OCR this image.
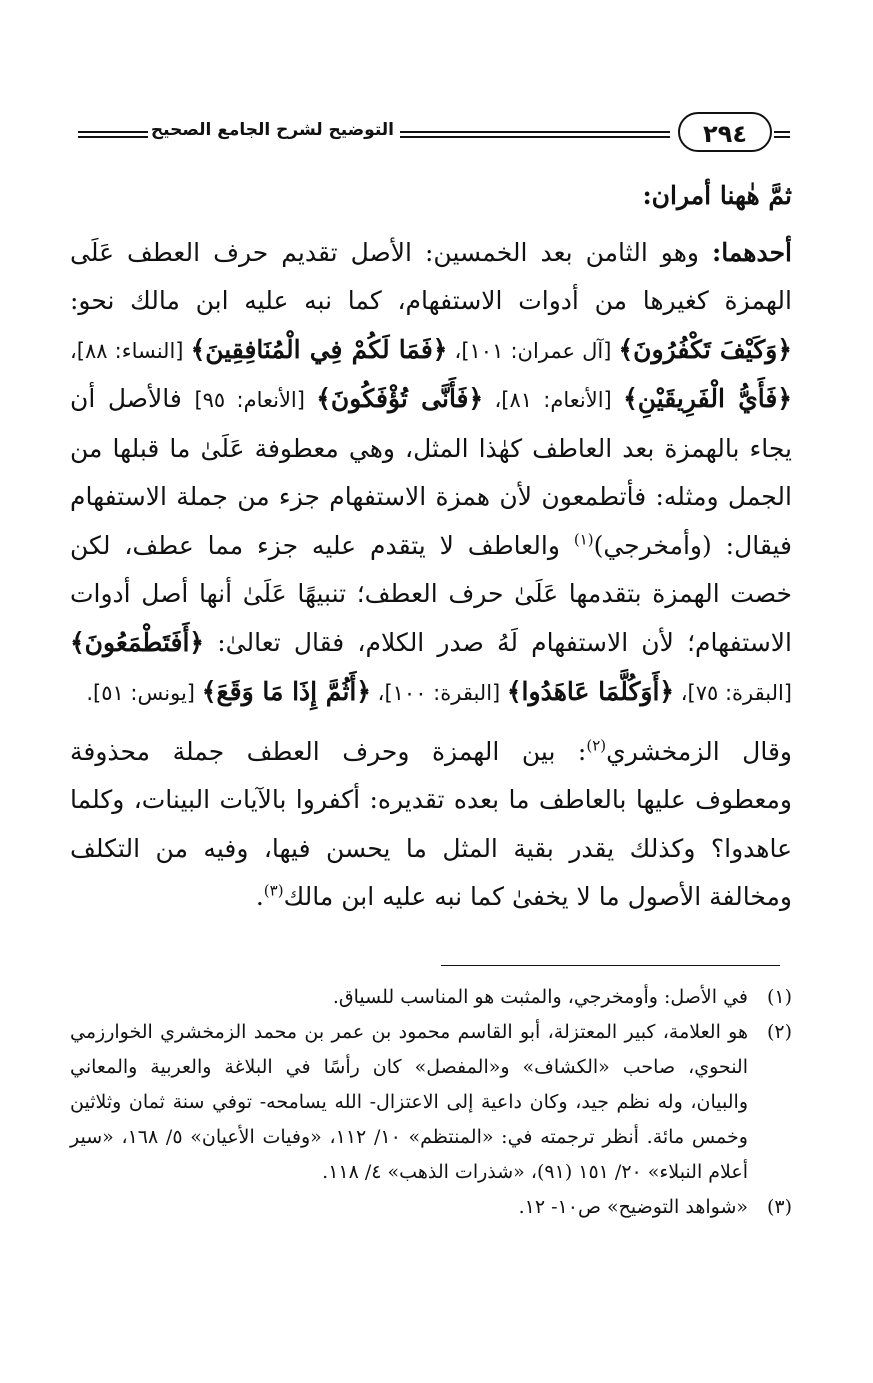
التوضيح لشرح الجامع الصحيح	٢٩٤

ثمَّ هٰهنا أمران:

أحدهما: وهو الثامن بعد الخمسين: الأصل تقديم حرف العطف عَلَى الهمزة كغيرها من أدوات الاستفهام، كما نبه عليه ابن مالك نحو: ﴿وَكَيْفَ تَكْفُرُونَ﴾ [آل عمران: ١٠١]، ﴿فَمَا لَكُمْ فِي الْمُنَافِقِينَ﴾ [النساء: ٨٨]، ﴿فَأَيُّ الْفَرِيقَيْنِ﴾ [الأنعام: ٨١]، ﴿فَأَنَّى تُؤْفَكُونَ﴾ [الأنعام: ٩٥] فالأصل أن يجاء بالهمزة بعد العاطف كهٰذا المثل، وهي معطوفة عَلَىٰ ما قبلها من الجمل ومثله: فأتطمعون لأن همزة الاستفهام جزء من جملة الاستفهام فيقال: (وأمخرجي)$^{(١)}$ والعاطف لا يتقدم عليه جزء مما عطف، لكن خصت الهمزة بتقدمها عَلَىٰ حرف العطف؛ تنبيهًا عَلَىٰ أنها أصل أدوات الاستفهام؛ لأن الاستفهام لَهُ صدر الكلام، فقال تعالىٰ: ﴿أَفَتَطْمَعُونَ﴾ [البقرة: ٧٥]، ﴿أَوَكُلَّمَا عَاهَدُوا﴾ [البقرة: ١٠٠]، ﴿أَثُمَّ إِذَا مَا وَقَعَ﴾ [يونس: ٥١].

وقال الزمخشري$^{(٢)}$: بين الهمزة وحرف العطف جملة محذوفة ومعطوف عليها بالعاطف ما بعده تقديره: أكفروا بالآيات البينات، وكلما عاهدوا؟ وكذلك يقدر بقية المثل ما يحسن فيها، وفيه من التكلف ومخالفة الأصول ما لا يخفىٰ كما نبه عليه ابن مالك$^{(٣)}$.

(١)
في الأصل: وأومخرجي، والمثبت هو المناسب للسياق.
(٢)
هو العلامة، كبير المعتزلة، أبو القاسم محمود بن عمر بن محمد الزمخشري الخوارزمي النحوي، صاحب «الكشاف» و«المفصل» كان رأسًا في البلاغة والعربية والمعاني والبيان، وله نظم جيد، وكان داعية إلى الاعتزال- الله يسامحه- توفي سنة ثمان وثلاثين وخمس مائة. أنظر ترجمته في: «المنتظم» ١٠/ ١١٢، «وفيات الأعيان» ٥/ ١٦٨، «سير أعلام النبلاء» ٢٠/ ١٥١ (٩١)، «شذرات الذهب» ٤/ ١١٨.
(٣)
«شواهد التوضيح» ص١٠- ١٢.
